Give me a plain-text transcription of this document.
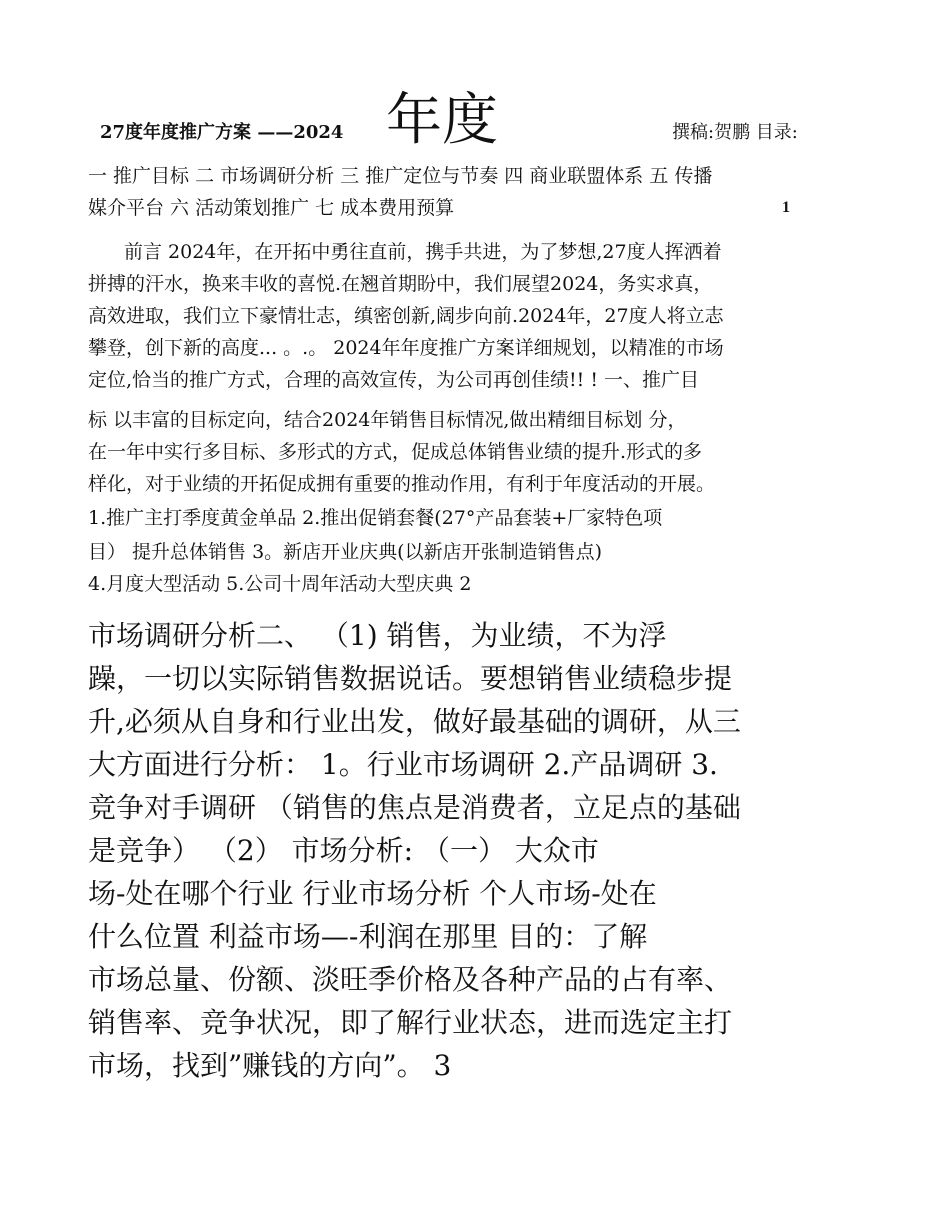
27度年度推广方案 ——2024 年度	撰稿:贺鹏 目录:
一 推广目标 二 市场调研分析 三 推广定位与节奏 四 商业联盟体系 五 传播
媒介平台 六 活动策划推广 七 成本费用预算	1
前言 2024年，在开拓中勇往直前，携手共进，为了梦想,27度人挥洒着
拼搏的汗水，换来丰收的喜悦.在翘首期盼中，我们展望2024，务实求真，
高效进取，我们立下豪情壮志，缜密创新,阔步向前.2024年，27度人将立志
攀登，创下新的高度... 。.。 2024年年度推广方案详细规划，以精准的市场
定位,恰当的推广方式，合理的高效宣传，为公司再创佳绩!! ! 一、推广目
标 以丰富的目标定向，结合2024年销售目标情况,做出精细目标划 分，
在一年中实行多目标、多形式的方式，促成总体销售业绩的提升.形式的多
样化，对于业绩的开拓促成拥有重要的推动作用，有利于年度活动的开展。
1.推广主打季度黄金单品 2.推出促销套餐(27°产品套装+厂家特色项
目） 提升总体销售 3。新店开业庆典(以新店开张制造销售点)
4.月度大型活动 5.公司十周年活动大型庆典 2
市场调研分析二、 （1) 销售，为业绩，不为浮
躁，一切以实际销售数据说话。要想销售业绩稳步提
升,必须从自身和行业出发，做好最基础的调研，从三
大方面进行分析： 1。行业市场调研 2.产品调研 3.
竞争对手调研 （销售的焦点是消费者，立足点的基础
是竞争） （2） 市场分析: （一） 大众市
场-处在哪个行业 行业市场分析 个人市场-处在
什么位置 利益市场—-利润在那里 目的：了解
市场总量、份额、淡旺季价格及各种产品的占有率、
销售率、竞争状况，即了解行业状态，进而选定主打
市场，找到”赚钱的方向”。 3
